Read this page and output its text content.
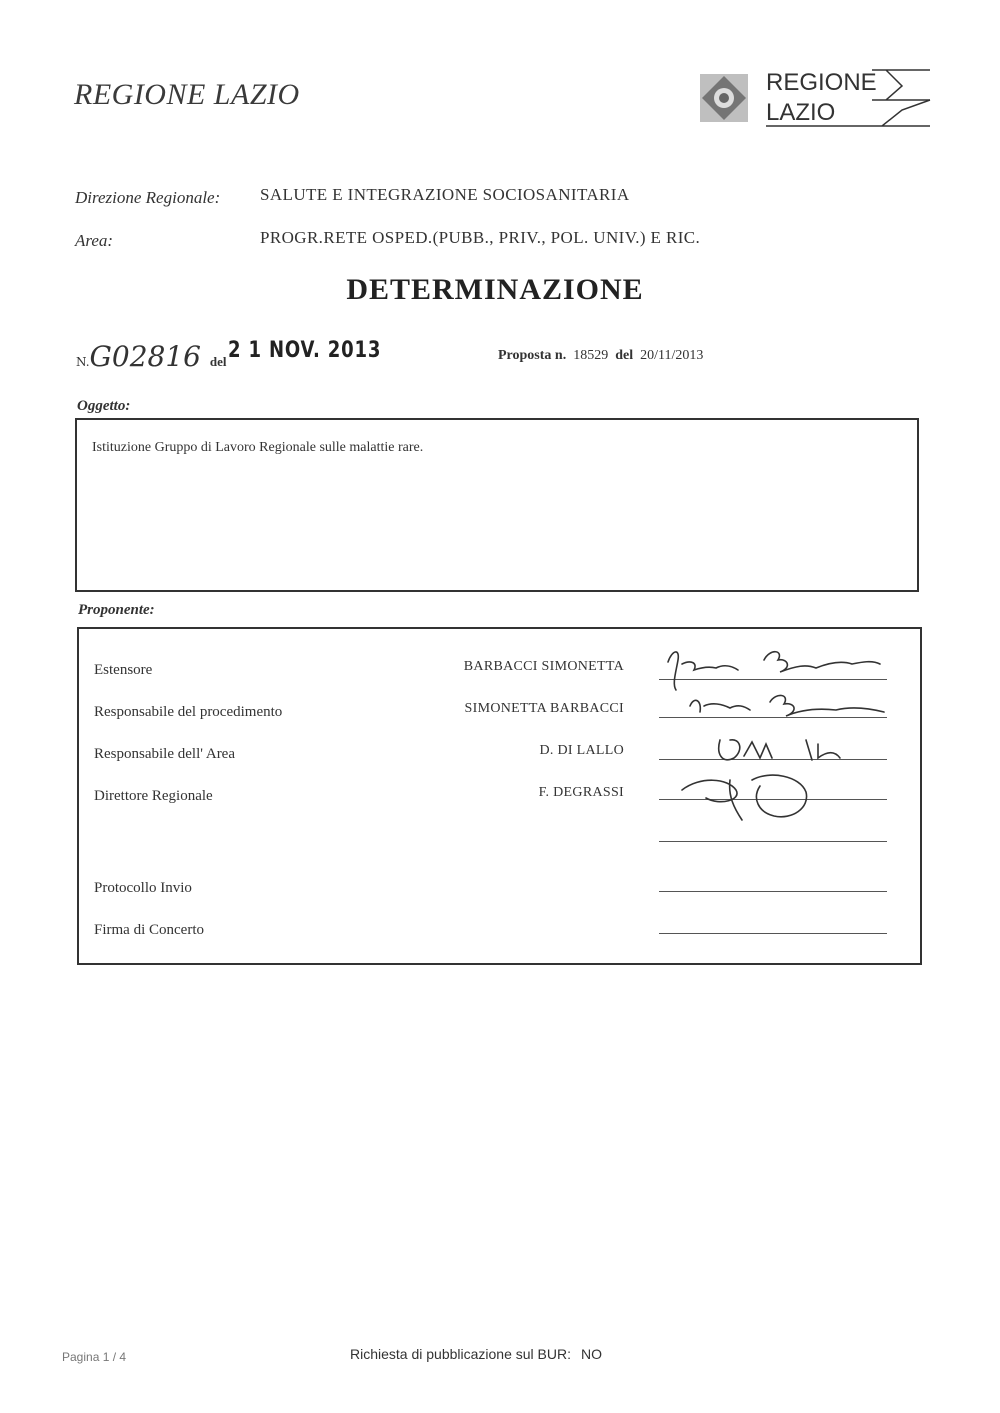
REGIONE LAZIO	REGIONE
LAZIO
Direzione Regionale: SALUTE E INTEGRAZIONE SOCIOSANITARIA
Area:	PROGR.RETE OSPED.(PUBB., PRIV., POL. UNIV.) E RIC.
DETERMINAZIONE
N.G02816 del 2 1 NOV. 2013	Proposta n. 18529 del 20/11/2013
Oggetto:
Istituzione Gruppo di Lavoro Regionale sulle malattie rare.
Proponente:
Estensore	BARBACCI SIMONETTA
Responsabile del procedimento	SIMONETTA BARBACCI
Responsabile dell' Area	D. DI LALLO
Direttore Regionale	F. DEGRASSI
Protocollo Invio
Firma di Concerto
Pagina 1 / 4	Richiesta di pubblicazione sul BUR: NO
